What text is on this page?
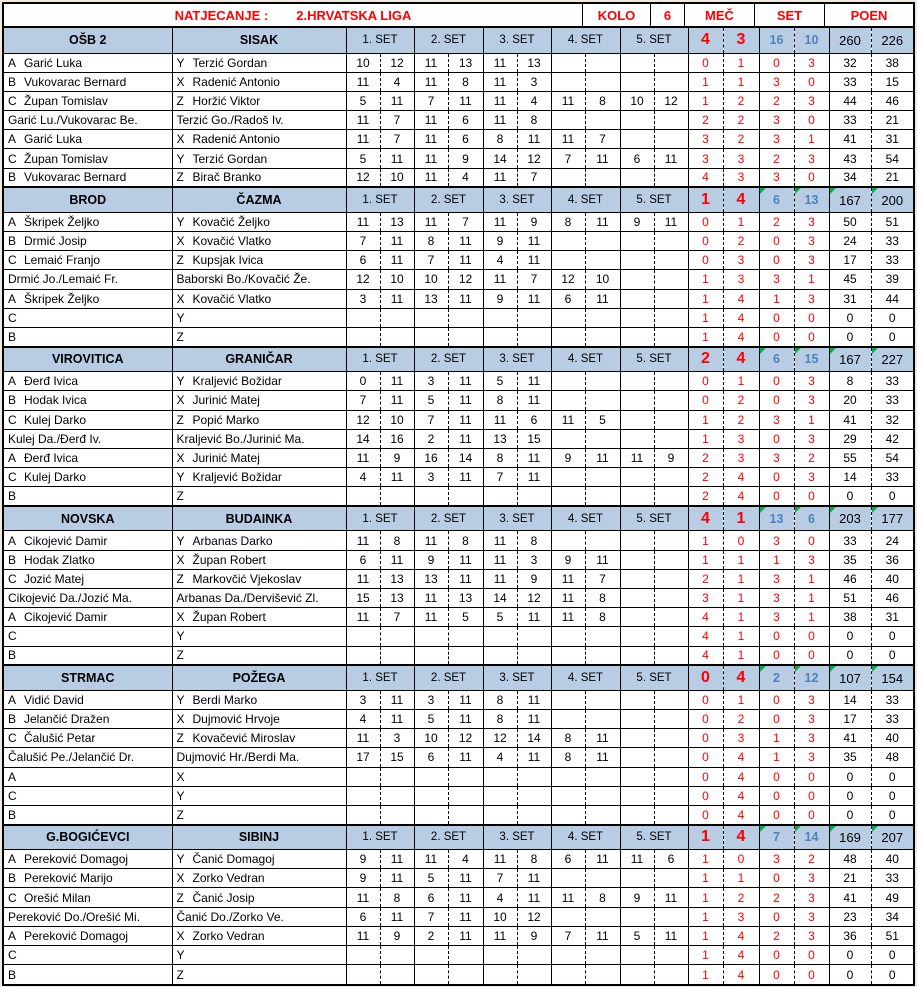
NATJECANJE : 2.HRVATSKA LIGA	KOLO	6	MEČ	SET	POEN
OŠB 2	SISAK	1. SET		2. SET		3. SET		4. SET		5. SET		4	3	16	10	260	226
A Garić Luka	Y Terzić Gordan	10	12	11	13	11	13					0	1	0	3	32	38
B Vukovarac Bernard	X Radenić Antonio	11	4	11	8	11	3					1	1	3	0	33	15
C Župan Tomislav	Z Horžić Viktor	5	11	7	11	11	4	11	8	10	12	1	2	2	3	44	46
Garić Lu./Vukovarac Be.	Terzić Go./Radoš Iv.	11	7	11	6	11	8					2	2	3	0	33	21
A Garić Luka	X Radenić Antonio	11	7	11	6	8	11	11	7			3	2	3	1	41	31
C Župan Tomislav	Y Terzić Gordan	5	11	11	9	14	12	7	11	6	11	3	3	2	3	43	54
B Vukovarac Bernard	Z Birač Branko	12	10	11	4	11	7					4	3	3	0	34	21
BROD	ČAZMA	1. SET		2. SET		3. SET		4. SET		5. SET		1	4	6	13	167	200

A Škripek Željko	Y Kovačić Željko	11	13	11	7	11	9	8	11	9	11	0	1	2	3	50	51
B Drmić Josip	X Kovačić Vlatko	7	11	8	11	9	11					0	2	0	3	24	33
C Lemaić Franjo	Z Kupsjak Ivica	6	11	7	11	4	11					0	3	0	3	17	33
Drmić Jo./Lemaić Fr.	Baborski Bo./Kovačić Že.	12	10	10	12	11	7	12	10			1	3	3	1	45	39
A Škripek Željko	X Kovačić Vlatko	3	11	13	11	9	11	6	11			1	4	1	3	31	44
C	Y											1	4	0	0	0	0
B	Z											1	4	0	0	0	0
VIROVITICA	GRANIČAR	1. SET		2. SET		3. SET		4. SET		5. SET		2	4	6	15	167	227

A Đerđ Ivica	Y Kraljević Božidar	0	11	3	11	5	11					0	1	0	3	8	33
B Hodak Ivica	X Jurinić Matej	7	11	5	11	8	11					0	2	0	3	20	33
C Kulej Darko	Z Popić Marko	12	10	7	11	11	6	11	5			1	2	3	1	41	32
Kulej Da./Đerđ Iv.	Kraljević Bo./Jurinić Ma.	14	16	2	11	13	15					1	3	0	3	29	42
A Đerđ Ivica	X Jurinić Matej	11	9	16	14	8	11	9	11	11	9	2	3	3	2	55	54
C Kulej Darko	Y Kraljević Božidar	4	11	3	11	7	11					2	4	0	3	14	33
B	Z											2	4	0	0	0	0
NOVSKA	BUDAINKA	1. SET		2. SET		3. SET		4. SET		5. SET		4	1	13	6	203	177

A Cikojević Damir	Y Arbanas Darko	11	8	11	8	11	8					1	0	3	0	33	24
B Hodak Zlatko	X Župan Robert	6	11	9	11	11	3	9	11			1	1	1	3	35	36
C Jozić Matej	Z Markovčić Vjekoslav	11	13	13	11	11	9	11	7			2	1	3	1	46	40
Cikojević Da./Jozić Ma.	Arbanas Da./Dervišević Zl.	15	13	11	13	14	12	11	8			3	1	3	1	51	46
A Cikojević Damir	X Župan Robert	11	7	11	5	5	11	11	8			4	1	3	1	38	31
C	Y											4	1	0	0	0	0
B	Z											4	1	0	0	0	0
STRMAC	POŽEGA	1. SET		2. SET		3. SET		4. SET		5. SET		0	4	2	12	107	154

A Vidić David	Y Berdi Marko	3	11	3	11	8	11					0	1	0	3	14	33
B Jelančić Dražen	X Dujmović Hrvoje	4	11	5	11	8	11					0	2	0	3	17	33
C Čalušić Petar	Z Kovačević Miroslav	11	3	10	12	12	14	8	11			0	3	1	3	41	40
Čalušić Pe./Jelančić Dr.	Dujmović Hr./Berdi Ma.	17	15	6	11	4	11	8	11			0	4	1	3	35	48
A	X											0	4	0	0	0	0
C	Y											0	4	0	0	0	0
B	Z											0	4	0	0	0	0
G.BOGIĆEVCI	SIBINJ	1. SET		2. SET		3. SET		4. SET		5. SET		1	4	7	14	169	207

A Pereković Domagoj	Y Čanić Domagoj	9	11	11	4	11	8	6	11	11	6	1	0	3	2	48	40
B Pereković Marijo	X Zorko Vedran	9	11	5	11	7	11					1	1	0	3	21	33
C Orešić Milan	Z Čanić Josip	11	8	6	11	4	11	11	8	9	11	1	2	2	3	41	49
Pereković Do./Orešić Mi.	Čanić Do./Zorko Ve.	6	11	7	11	10	12					1	3	0	3	23	34
A Pereković Domagoj	X Zorko Vedran	11	9	2	11	11	9	7	11	5	11	1	4	2	3	36	51
C	Y											1	4	0	0	0	0
B	Z											1	4	0	0	0	0
